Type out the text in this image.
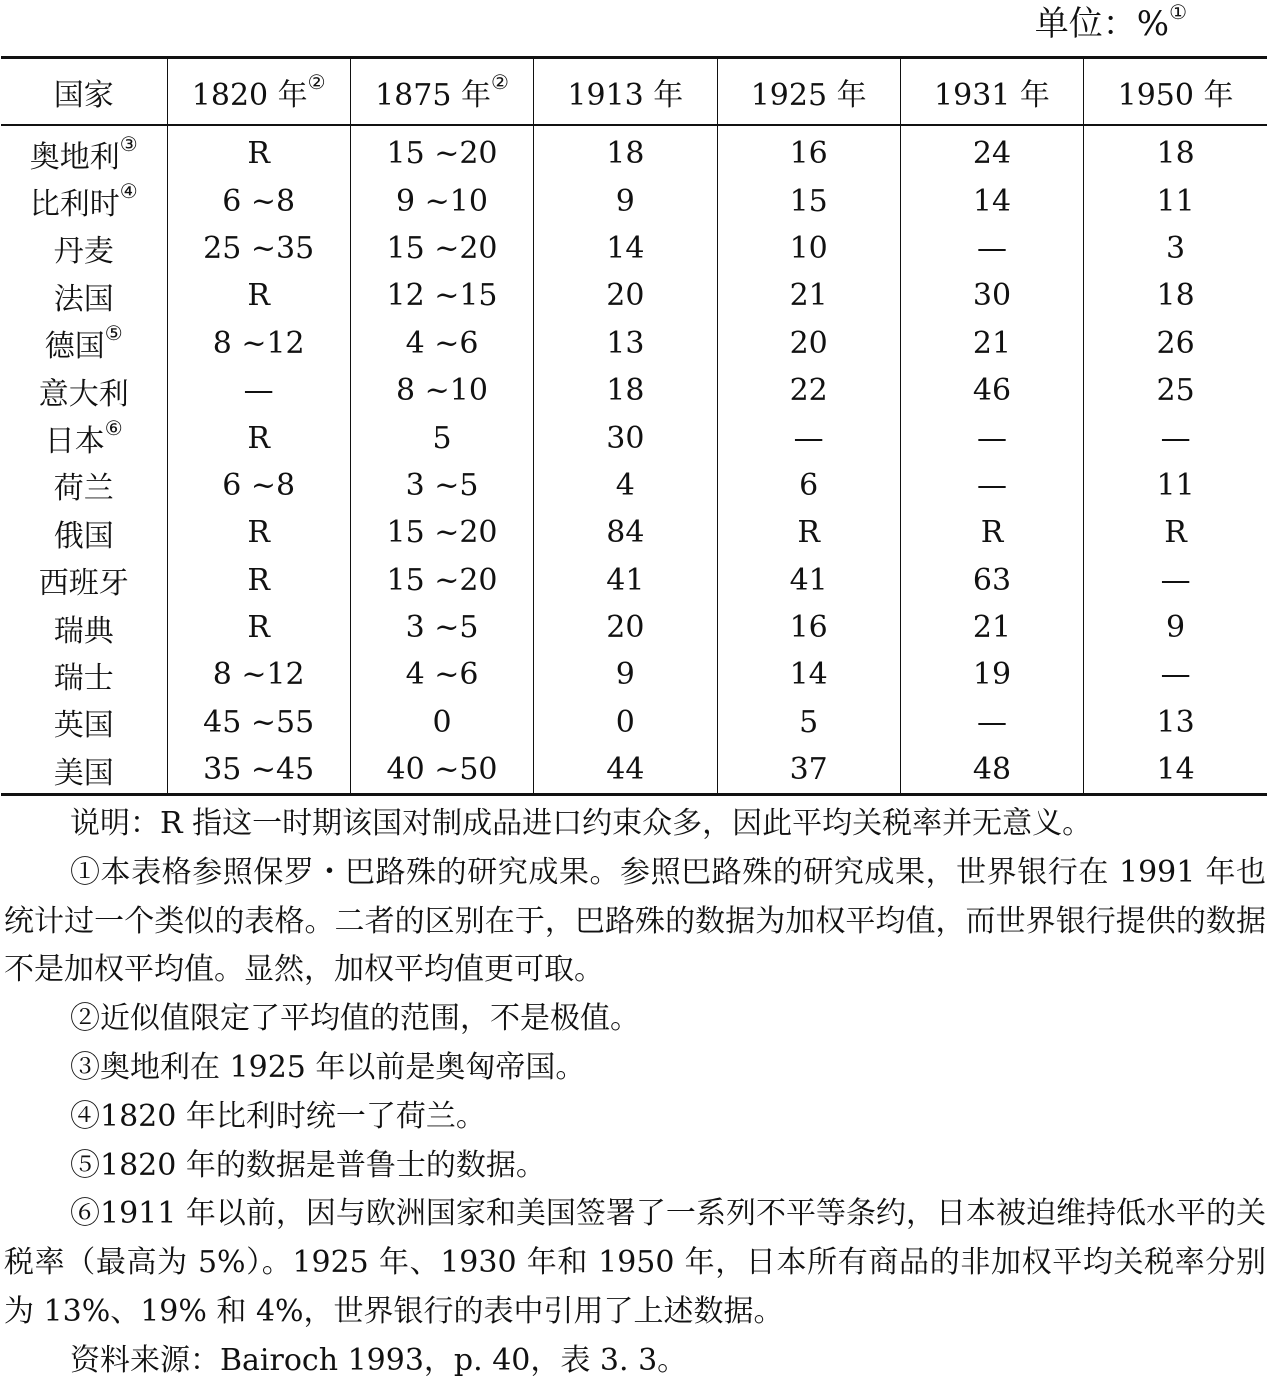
单位：%①
国家	1820 年②	1875 年②	1913 年	1925 年	1931 年	1950 年
奥地利③	R	15 ~20	18	16	24	18
比利时④	6 ~8	9 ~10	9	15	14	11
丹麦	25 ~35	15 ~20	14	10	—	3
法国	R	12 ~15	20	21	30	18
德国⑤	8 ~12	4 ~6	13	20	21	26
意大利	—	8 ~10	18	22	46	25
日本⑥	R	5	30	—	—	—
荷兰	6 ~8	3 ~5	4	6	—	11
俄国	R	15 ~20	84	R	R	R
西班牙	R	15 ~20	41	41	63	—
瑞典	R	3 ~5	20	16	21	9
瑞士	8 ~12	4 ~6	9	14	19	—
英国	45 ~55	0	0	5	—	13
美国	35 ~45	40 ~50	44	37	48	14

说明：R 指这一时期该国对制成品进口约束众多，因此平均关税率并无意义。

①本表格参照保罗・巴路殊的研究成果。参照巴路殊的研究成果，世界银行在 1991 年也统计过一个类似的表格。二者的区别在于，巴路殊的数据为加权平均值，而世界银行提供的数据不是加权平均值。显然，加权平均值更可取。

②近似值限定了平均值的范围，不是极值。

③奥地利在 1925 年以前是奥匈帝国。

④1820 年比利时统一了荷兰。

⑤1820 年的数据是普鲁士的数据。

⑥1911 年以前，因与欧洲国家和美国签署了一系列不平等条约，日本被迫维持低水平的关税率（最高为 5%）。1925 年、1930 年和 1950 年，日本所有商品的非加权平均关税率分别为 13%、19% 和 4%，世界银行的表中引用了上述数据。

资料来源：Bairoch 1993，p. 40，表 3. 3。
